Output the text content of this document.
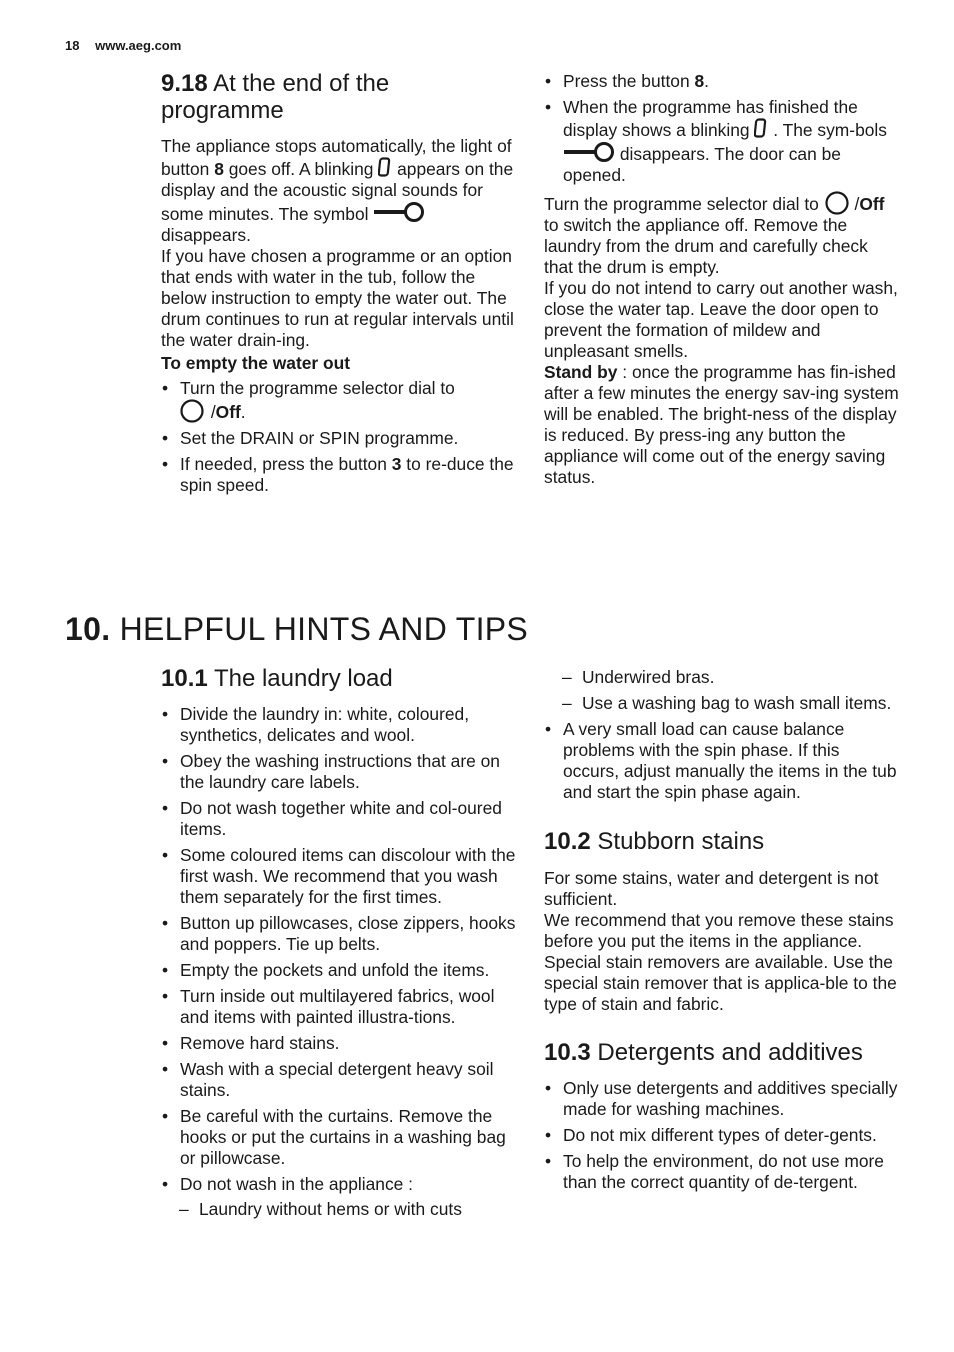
18 www.aeg.com
9.18 At the end of the programme

The appliance stops automatically, the light of button 8 goes off. A blinking appears on the display and the acoustic signal sounds for some minutes. The symbol
disappears.

If you have chosen a programme or an option that ends with water in the tub, follow the below instruction to empty the water out. The drum continues to run at regular intervals until the water drain-ing.

To empty the water out

• Turn the programme selector dial to

/Off.
• Set the DRAIN or SPIN programme.
• If needed, press the button 3 to re-duce the spin speed.
• Press the button 8.
• When the programme has finished the display shows a blinking . The sym-bols
disappears. The door can be opened.

Turn the programme selector dial to
/Off to switch the appliance off. Remove the laundry from the drum and carefully check that the drum is empty.

If you do not intend to carry out another wash, close the water tap. Leave the door open to prevent the formation of mildew and unpleasant smells.

Stand by : once the programme has fin-ished after a few minutes the energy sav-ing system will be enabled. The bright-ness of the display is reduced. By press-ing any button the appliance will come out of the energy saving status.

10. HELPFUL HINTS AND TIPS
10.1 The laundry load
• Divide the laundry in: white, coloured, synthetics, delicates and wool.
• Obey the washing instructions that are on the laundry care labels.
• Do not wash together white and col-oured items.
• Some coloured items can discolour with the first wash. We recommend that you wash them separately for the first times.
• Button up pillowcases, close zippers, hooks and poppers. Tie up belts.
• Empty the pockets and unfold the items.
• Turn inside out multilayered fabrics, wool and items with painted illustra-tions.
• Remove hard stains.
• Wash with a special detergent heavy soil stains.
• Be careful with the curtains. Remove the hooks or put the curtains in a washing bag or pillowcase.
• Do not wash in the appliance :
– Laundry without hems or with cuts
– Underwired bras.
– Use a washing bag to wash small items.
• A very small load can cause balance problems with the spin phase. If this occurs, adjust manually the items in the tub and start the spin phase again.
10.2 Stubborn stains

For some stains, water and detergent is not sufficient.

We recommend that you remove these stains before you put the items in the appliance.

Special stain removers are available. Use the special stain remover that is applica-ble to the type of stain and fabric.

10.3 Detergents and additives
• Only use detergents and additives specially made for washing machines.
• Do not mix different types of deter-gents.
• To help the environment, do not use more than the correct quantity of de-tergent.
